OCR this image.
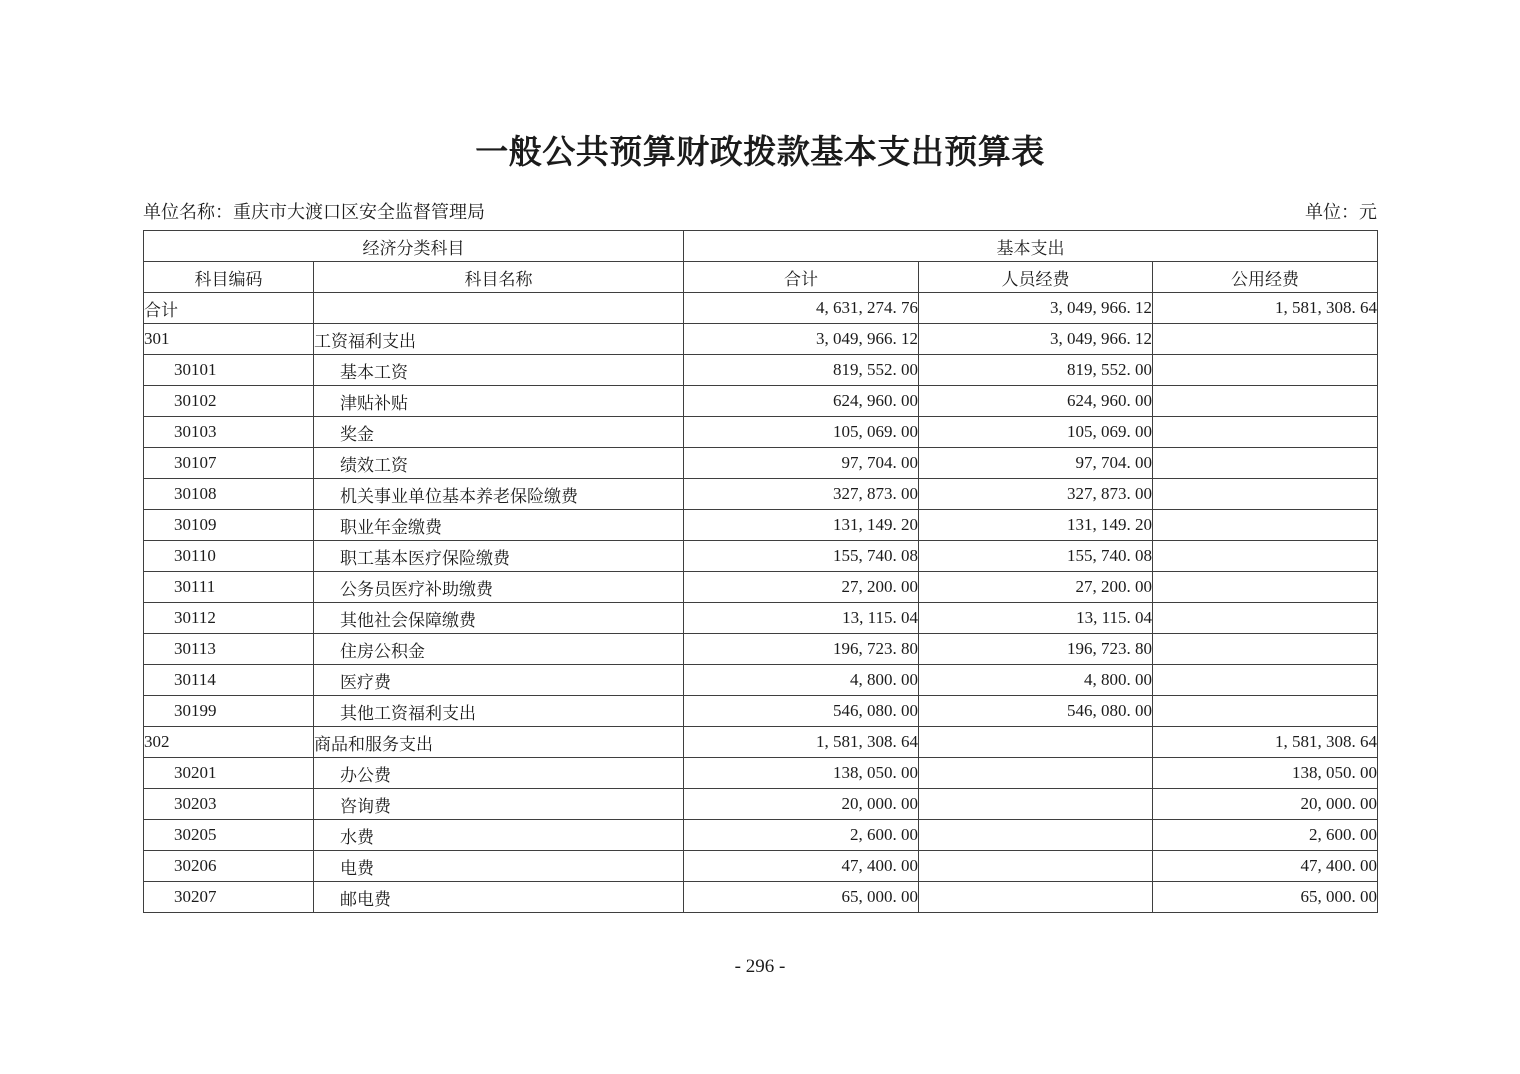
一般公共预算财政拨款基本支出预算表
单位名称：重庆市大渡口区安全监督管理局	单位：元
经济分类科目		基本支出		
科目编码	科目名称	合计	人员经费	公用经费
合计		4, 631, 274. 76	3, 049, 966. 12	1, 581, 308. 64
301	工资福利支出	3, 049, 966. 12	3, 049, 966. 12	
30101	基本工资	819, 552. 00	819, 552. 00	
30102	津贴补贴	624, 960. 00	624, 960. 00	
30103	奖金	105, 069. 00	105, 069. 00	
30107	绩效工资	97, 704. 00	97, 704. 00	
30108	机关事业单位基本养老保险缴费	327, 873. 00	327, 873. 00	
30109	职业年金缴费	131, 149. 20	131, 149. 20	
30110	职工基本医疗保险缴费	155, 740. 08	155, 740. 08	
30111	公务员医疗补助缴费	27, 200. 00	27, 200. 00	
30112	其他社会保障缴费	13, 115. 04	13, 115. 04	
30113	住房公积金	196, 723. 80	196, 723. 80	
30114	医疗费	4, 800. 00	4, 800. 00	
30199	其他工资福利支出	546, 080. 00	546, 080. 00	
302	商品和服务支出	1, 581, 308. 64		1, 581, 308. 64
30201	办公费	138, 050. 00		138, 050. 00
30203	咨询费	20, 000. 00		20, 000. 00
30205	水费	2, 600. 00		2, 600. 00
30206	电费	47, 400. 00		47, 400. 00
30207	邮电费	65, 000. 00		65, 000. 00
- 296 -
